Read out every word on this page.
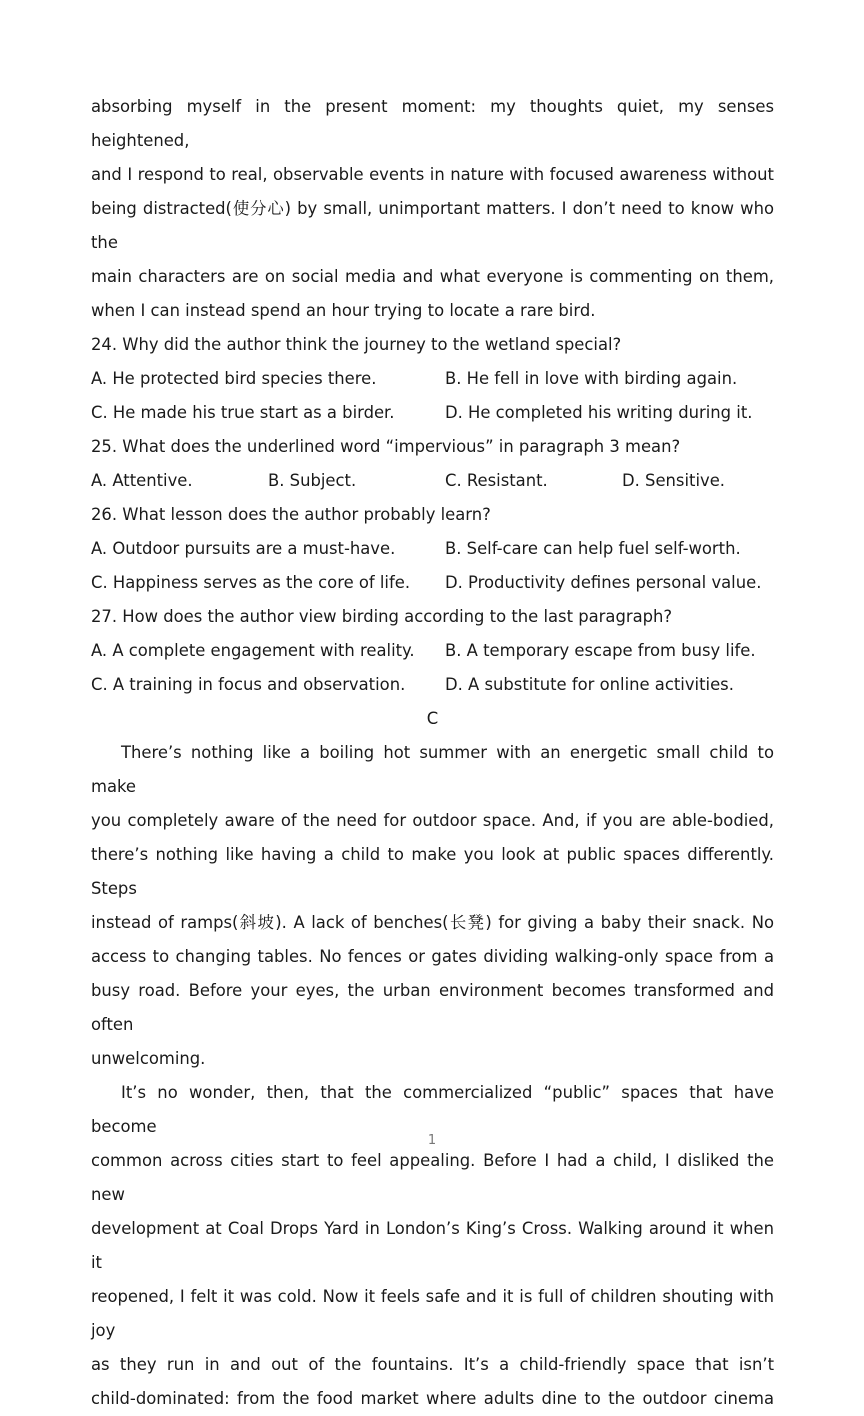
absorbing myself in the present moment: my thoughts quiet, my senses heightened,

and I respond to real, observable events in nature with focused awareness without

being distracted(使分心) by small, unimportant matters. I don’t need to know who the

main characters are on social media and what everyone is commenting on them,

when I can instead spend an hour trying to locate a rare bird.

24. Why did the author think the journey to the wetland special?

A. He protected bird species there.	B. He fell in love with birding again.
C. He made his true start as a birder.	D. He completed his writing during it.

25. What does the underlined word “impervious” in paragraph 3 mean?

A. Attentive.	B. Subject.	C. Resistant.	D. Sensitive.

26. What lesson does the author probably learn?

A. Outdoor pursuits are a must-have.	B. Self-care can help fuel self-worth.
C. Happiness serves as the core of life.	D. Productivity defines personal value.

27. How does the author view birding according to the last paragraph?

A. A complete engagement with reality.	B. A temporary escape from busy life.
C. A training in focus and observation.	D. A substitute for online activities.

C

There’s nothing like a boiling hot summer with an energetic small child to make

you completely aware of the need for outdoor space. And, if you are able-bodied,

there’s nothing like having a child to make you look at public spaces differently. Steps

instead of ramps(斜坡). A lack of benches(长凳) for giving a baby their snack. No

access to changing tables. No fences or gates dividing walking-only space from a

busy road. Before your eyes, the urban environment becomes transformed and often

unwelcoming.

It’s no wonder, then, that the commercialized “public” spaces that have become

common across cities start to feel appealing. Before I had a child, I disliked the new

development at Coal Drops Yard in London’s King’s Cross. Walking around it when it

reopened, I felt it was cold. Now it feels safe and it is full of children shouting with joy

as they run in and out of the fountains. It’s a child-friendly space that isn’t

child-dominated: from the food market where adults dine to the outdoor cinema

1
